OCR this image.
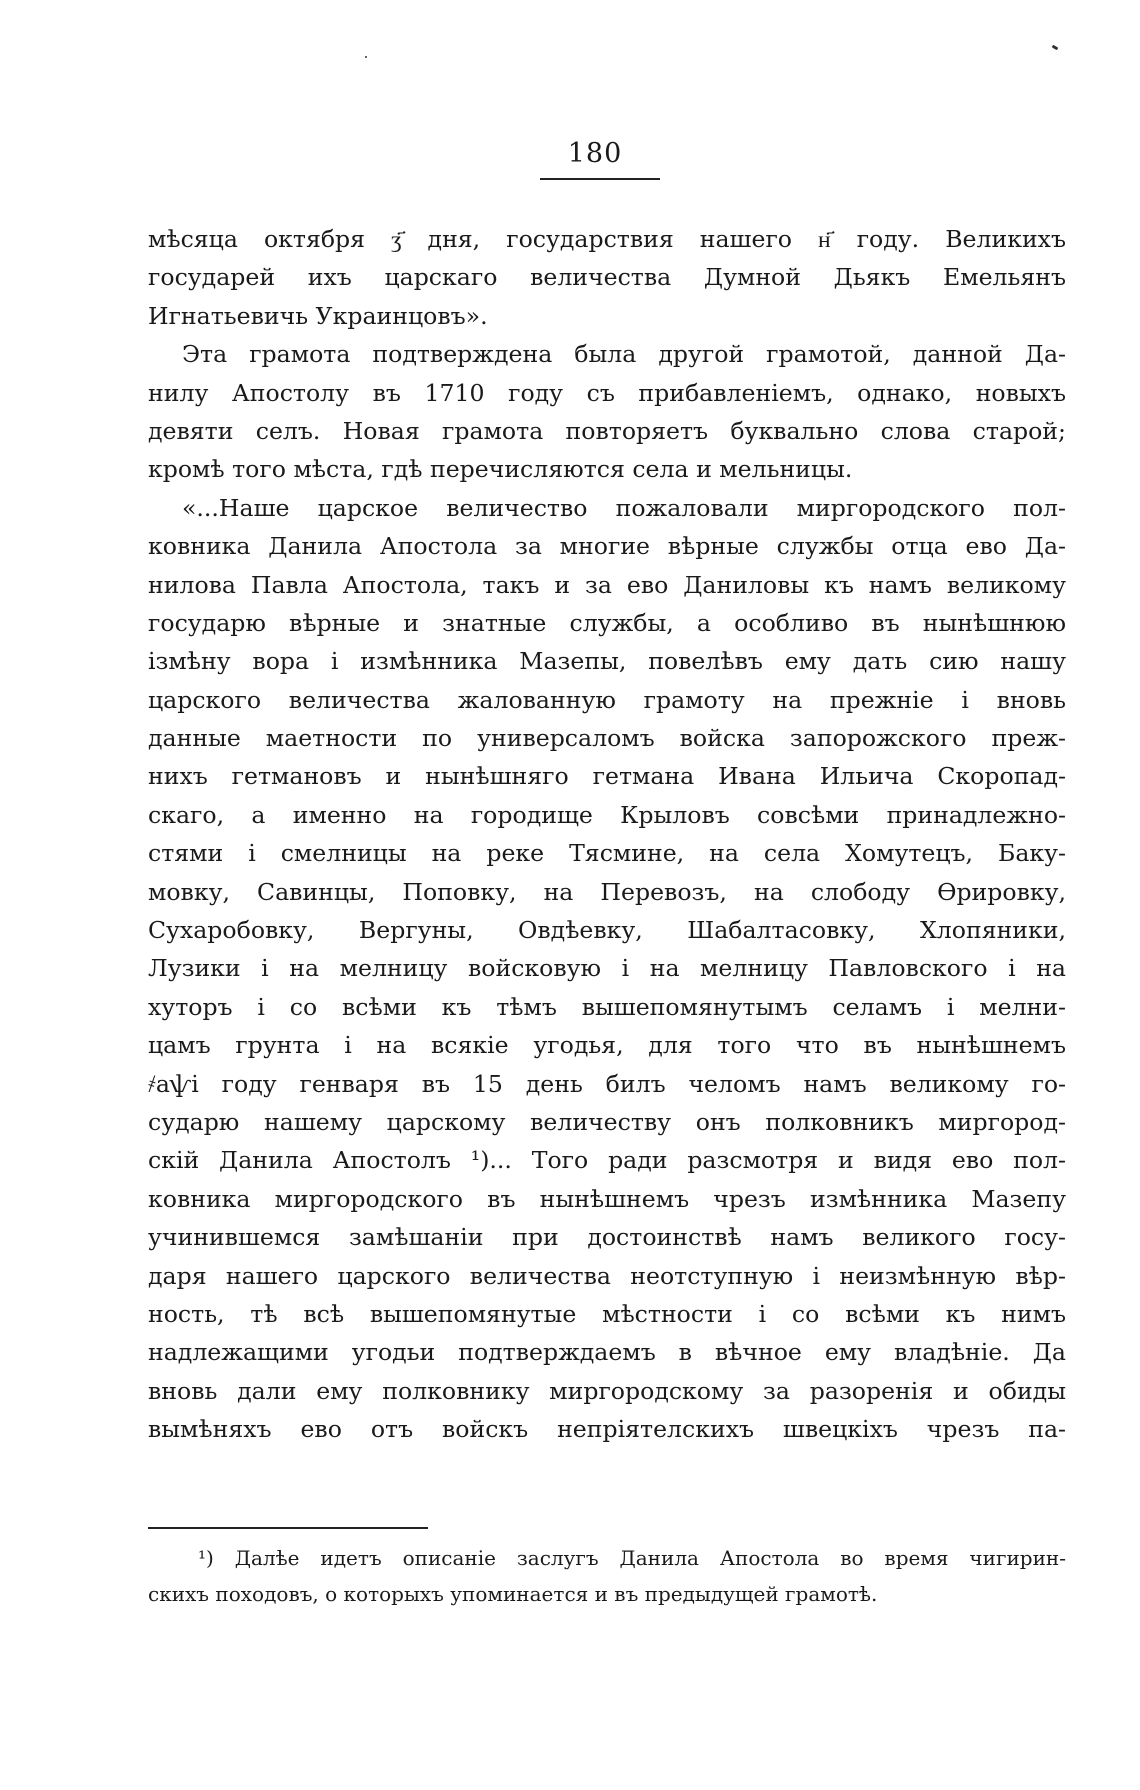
180
мѣсяца октября ӡ҃ дня, государствия нашего н҃ году. Великихъ
государей ихъ царскаго величества Думной Дьякъ Емельянъ
Игнатьевичь Украинцовъ».
Эта грамота подтверждена была другой грамотой, данной Да-
нилу Апостолу въ 1710 году съ прибавленіемъ, однако, новыхъ
девяти селъ. Новая грамота повторяетъ буквально слова старой;
кромѣ того мѣста, гдѣ перечисляются села и мельницы.
«...Наше царское величество пожаловали миргородского пол-
ковника Данила Апостола за многие вѣрные службы отца ево Да-
нилова Павла Апостола, такъ и за ево Даниловы къ намъ великому
государю вѣрные и знатные службы, а особливо въ нынѣшнюю
ізмѣну вора і измѣнника Мазепы, повелѣвъ ему дать сию нашу
царского величества жалованную грамоту на прежніе і вновь
данные маетности по универсаломъ войска запорожского преж-
нихъ гетмановъ и нынѣшняго гетмана Ивана Ильича Скоропад-
скаго, а именно на городище Крыловъ совсѣми принадлежно-
стями і смелницы на реке Тясмине, на села Хомутецъ, Баку-
мовку, Савинцы, Поповку, на Перевозъ, на слободу Ѳрировку,
Сухаробовку, Вергуны, Овдѣевку, Шабалтасовку, Хлопяники,
Лузики і на мелницу войсковую і на мелницу Павловского і на
хуторъ і со всѣми къ тѣмъ вышепомянутымъ селамъ і мелни-
цамъ грунта і на всякіе угодья, для того что въ нынѣшнемъ
҂аѱі году генваря въ 15 день билъ челомъ намъ великому го-
сударю нашему царскому величеству онъ полковникъ миргород-
скій Данила Апостолъ ¹)... Того ради разсмотря и видя ево пол-
ковника миргородского въ нынѣшнемъ чрезъ измѣнника Мазепу
учинившемся замѣшаніи при достоинствѣ намъ великого госу-
даря нашего царского величества неотступную і неизмѣнную вѣр-
ность, тѣ всѣ вышепомянутые мѣстности і со всѣми къ нимъ
надлежащими угодьи подтверждаемъ в вѣчное ему владѣніе. Да
вновь дали ему полковнику миргородскому за разоренія и обиды
вымѣняхъ ево отъ войскъ непріятелскихъ швецкіхъ чрезъ па-
¹) Далѣе идетъ описаніе заслугъ Данила Апостола во время чигирин-
скихъ походовъ, о которыхъ упоминается и въ предыдущей грамотѣ.
